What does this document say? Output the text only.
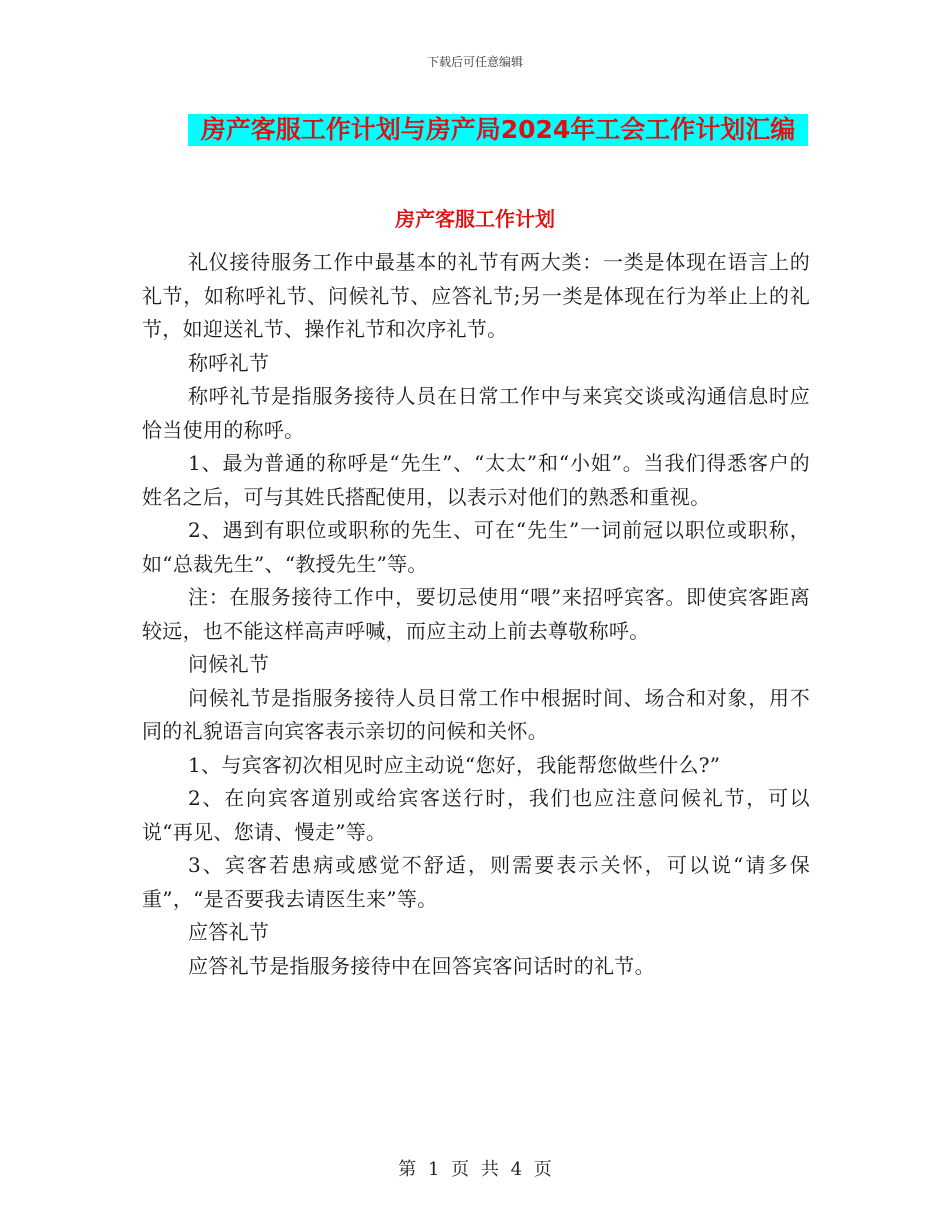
下载后可任意编辑
房产客服工作计划与房产局2024年工会工作计划汇编
房产客服工作计划

礼仪接待服务工作中最基本的礼节有两大类：一类是体现在语言上的礼节，如称呼礼节、问候礼节、应答礼节;另一类是体现在行为举止上的礼节，如迎送礼节、操作礼节和次序礼节。

称呼礼节

称呼礼节是指服务接待人员在日常工作中与来宾交谈或沟通信息时应恰当使用的称呼。

1、最为普通的称呼是“先生”、“太太”和“小姐”。当我们得悉客户的姓名之后，可与其姓氏搭配使用，以表示对他们的熟悉和重视。

2、遇到有职位或职称的先生、可在“先生”一词前冠以职位或职称，如“总裁先生”、“教授先生”等。

注：在服务接待工作中，要切忌使用“喂”来招呼宾客。即使宾客距离较远，也不能这样高声呼喊，而应主动上前去尊敬称呼。

问候礼节

问候礼节是指服务接待人员日常工作中根据时间、场合和对象，用不同的礼貌语言向宾客表示亲切的问候和关怀。

1、与宾客初次相见时应主动说“您好，我能帮您做些什么?”

2、在向宾客道别或给宾客送行时，我们也应注意问候礼节，可以说“再见、您请、慢走”等。

3、宾客若患病或感觉不舒适，则需要表示关怀，可以说“请多保重”，“是否要我去请医生来”等。

应答礼节

应答礼节是指服务接待中在回答宾客问话时的礼节。

第 1 页 共 4 页
